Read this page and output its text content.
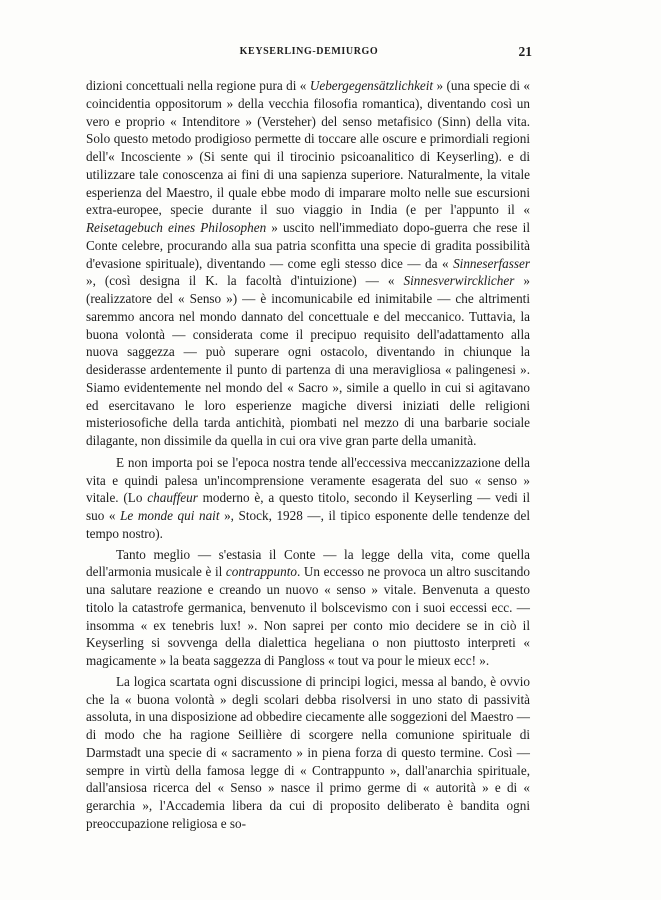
KEYSERLING-DEMIURGO	21

dizioni concettuali nella regione pura di « Uebergegensätzlichkeit » (una specie di « coincidentia oppositorum » della vecchia filosofia romantica), diventando così un vero e proprio « Intenditore » (Versteher) del senso metafisico (Sinn) della vita. Solo questo metodo prodigioso permette di toccare alle oscure e primordiali regioni dell'« Incosciente » (Si sente qui il tirocinio psicoanalitico di Keyserling). e di utilizzare tale conoscenza ai fini di una sapienza superiore. Naturalmente, la vitale esperienza del Maestro, il quale ebbe modo di imparare molto nelle sue escursioni extra-europee, specie durante il suo viaggio in India (e per l'appunto il « Reisetagebuch eines Philosophen » uscito nell'immediato dopo-guerra che rese il Conte celebre, procurando alla sua patria sconfitta una specie di gradita possibilità d'evasione spirituale), diventando — come egli stesso dice — da « Sinneserfasser », (così designa il K. la facoltà d'intuizione) — « Sinnesverwircklicher » (realizzatore del « Senso ») — è incomunicabile ed inimitabile — che altrimenti saremmo ancora nel mondo dannato del concettuale e del meccanico. Tuttavia, la buona volontà — considerata come il precipuo requisito dell'adattamento alla nuova saggezza — può superare ogni ostacolo, diventando in chiunque la desiderasse ardentemente il punto di partenza di una meravigliosa « palingenesi ». Siamo evidentemente nel mondo del « Sacro », simile a quello in cui si agitavano ed esercitavano le loro esperienze magiche diversi iniziati delle religioni misteriosofiche della tarda antichità, piombati nel mezzo di una barbarie sociale dilagante, non dissimile da quella in cui ora vive gran parte della umanità.

E non importa poi se l'epoca nostra tende all'eccessiva meccanizzazione della vita e quindi palesa un'incomprensione veramente esagerata del suo « senso » vitale. (Lo chauffeur moderno è, a questo titolo, secondo il Keyserling — vedi il suo « Le monde qui nait », Stock, 1928 —, il tipico esponente delle tendenze del tempo nostro).

Tanto meglio — s'estasia il Conte — la legge della vita, come quella dell'armonia musicale è il contrappunto. Un eccesso ne provoca un altro suscitando una salutare reazione e creando un nuovo « senso » vitale. Benvenuta a questo titolo la catastrofe germanica, benvenuto il bolscevismo con i suoi eccessi ecc. — insomma « ex tenebris lux! ». Non saprei per conto mio decidere se in ciò il Keyserling si sovvenga della dialettica hegeliana o non piuttosto interpreti « magicamente » la beata saggezza di Pangloss « tout va pour le mieux ecc! ».

La logica scartata ogni discussione di principi logici, messa al bando, è ovvio che la « buona volontà » degli scolari debba risolversi in uno stato di passività assoluta, in una disposizione ad obbedire ciecamente alle soggezioni del Maestro — di modo che ha ragione Seillière di scorgere nella comunione spirituale di Darmstadt una specie di « sacramento » in piena forza di questo termine. Così — sempre in virtù della famosa legge di « Contrappunto », dall'anarchia spirituale, dall'ansiosa ricerca del « Senso » nasce il primo germe di « autorità » e di « gerarchia », l'Accademia libera da cui di proposito deliberato è bandita ogni preoccupazione religiosa e so-
